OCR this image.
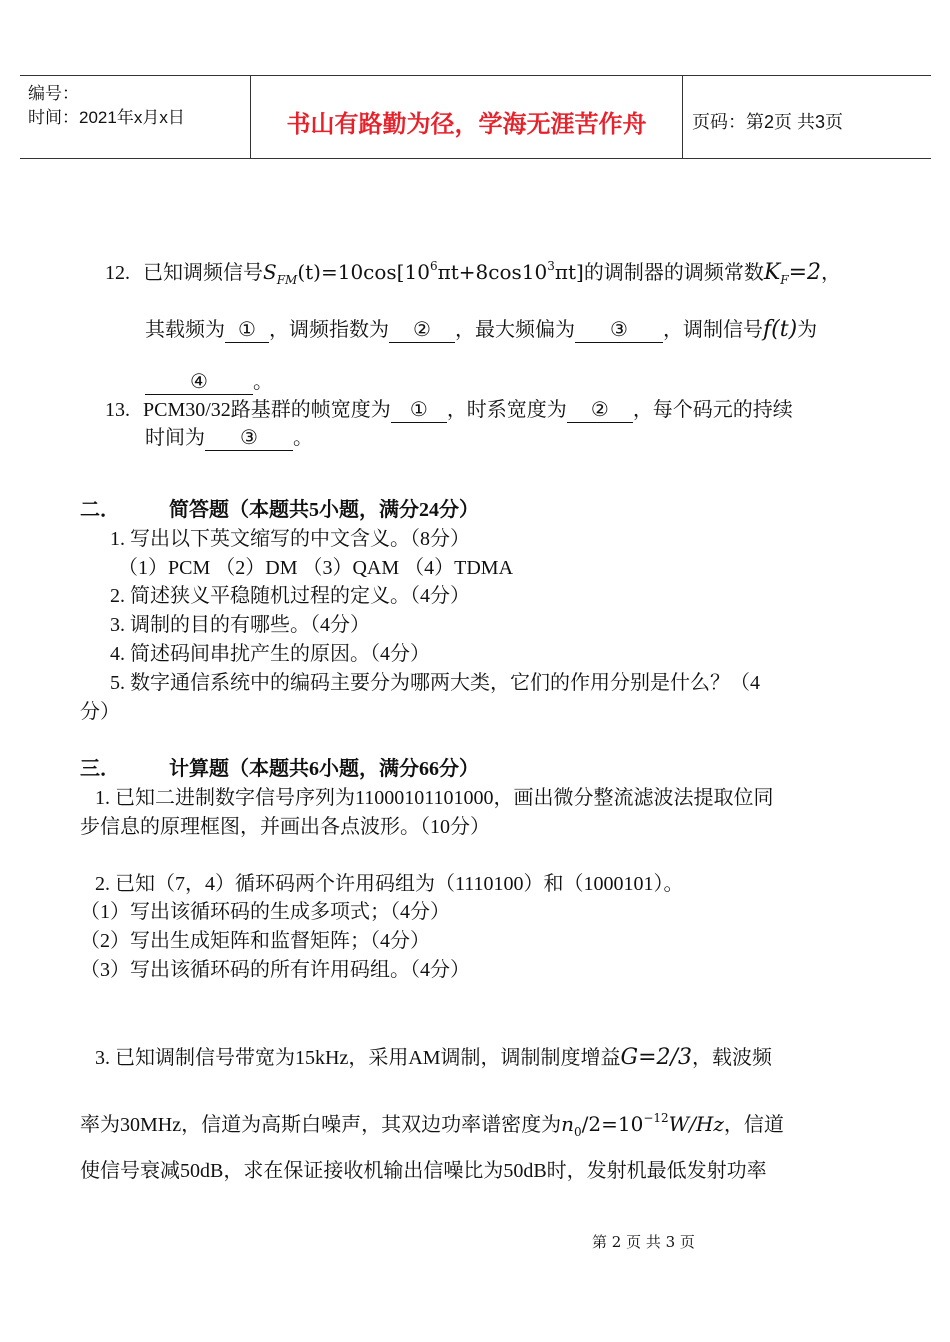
编号：
时间：2021年x月x日	书山有路勤为径，学海无涯苦作舟	页码：第2页 共3页
12. 已知调频信号$S_{FM}(t)=10\cos[10^6\pi t+8\cos 10^3\pi t]$的调制器的调频常数$K_F=2$，
其载频为 ① ，调频指数为 ② ，最大频偏为 ③ ，调制信号f(t)为
④ 。
13. PCM30/32路基群的帧宽度为 ① ，时系宽度为 ② ，每个码元的持续
时间为 ③ 。
二． 简答题（本题共5小题，满分24分）
1. 写出以下英文缩写的中文含义。（8分）
（1）PCM （2）DM （3）QAM （4）TDMA
2. 简述狭义平稳随机过程的定义。（4分）
3. 调制的目的有哪些。（4分）
4. 简述码间串扰产生的原因。（4分）
5. 数字通信系统中的编码主要分为哪两大类，它们的作用分别是什么？（4
分）
三． 计算题（本题共6小题，满分66分）
1. 已知二进制数字信号序列为11000101101000，画出微分整流滤波法提取位同
步信息的原理框图，并画出各点波形。（10分）
2. 已知（7，4）循环码两个许用码组为（1110100）和（1000101）。
（1）写出该循环码的生成多项式；（4分）
（2）写出生成矩阵和监督矩阵；（4分）
（3）写出该循环码的所有许用码组。（4分）
3. 已知调制信号带宽为15kHz，采用AM调制，调制制度增益G=2/3，载波频
率为30MHz，信道为高斯白噪声，其双边功率谱密度为$n_0/2=10^{-12}W/Hz$，信道
使信号衰减50dB，求在保证接收机输出信噪比为50dB时，发射机最低发射功率
第 2 页 共 3 页
